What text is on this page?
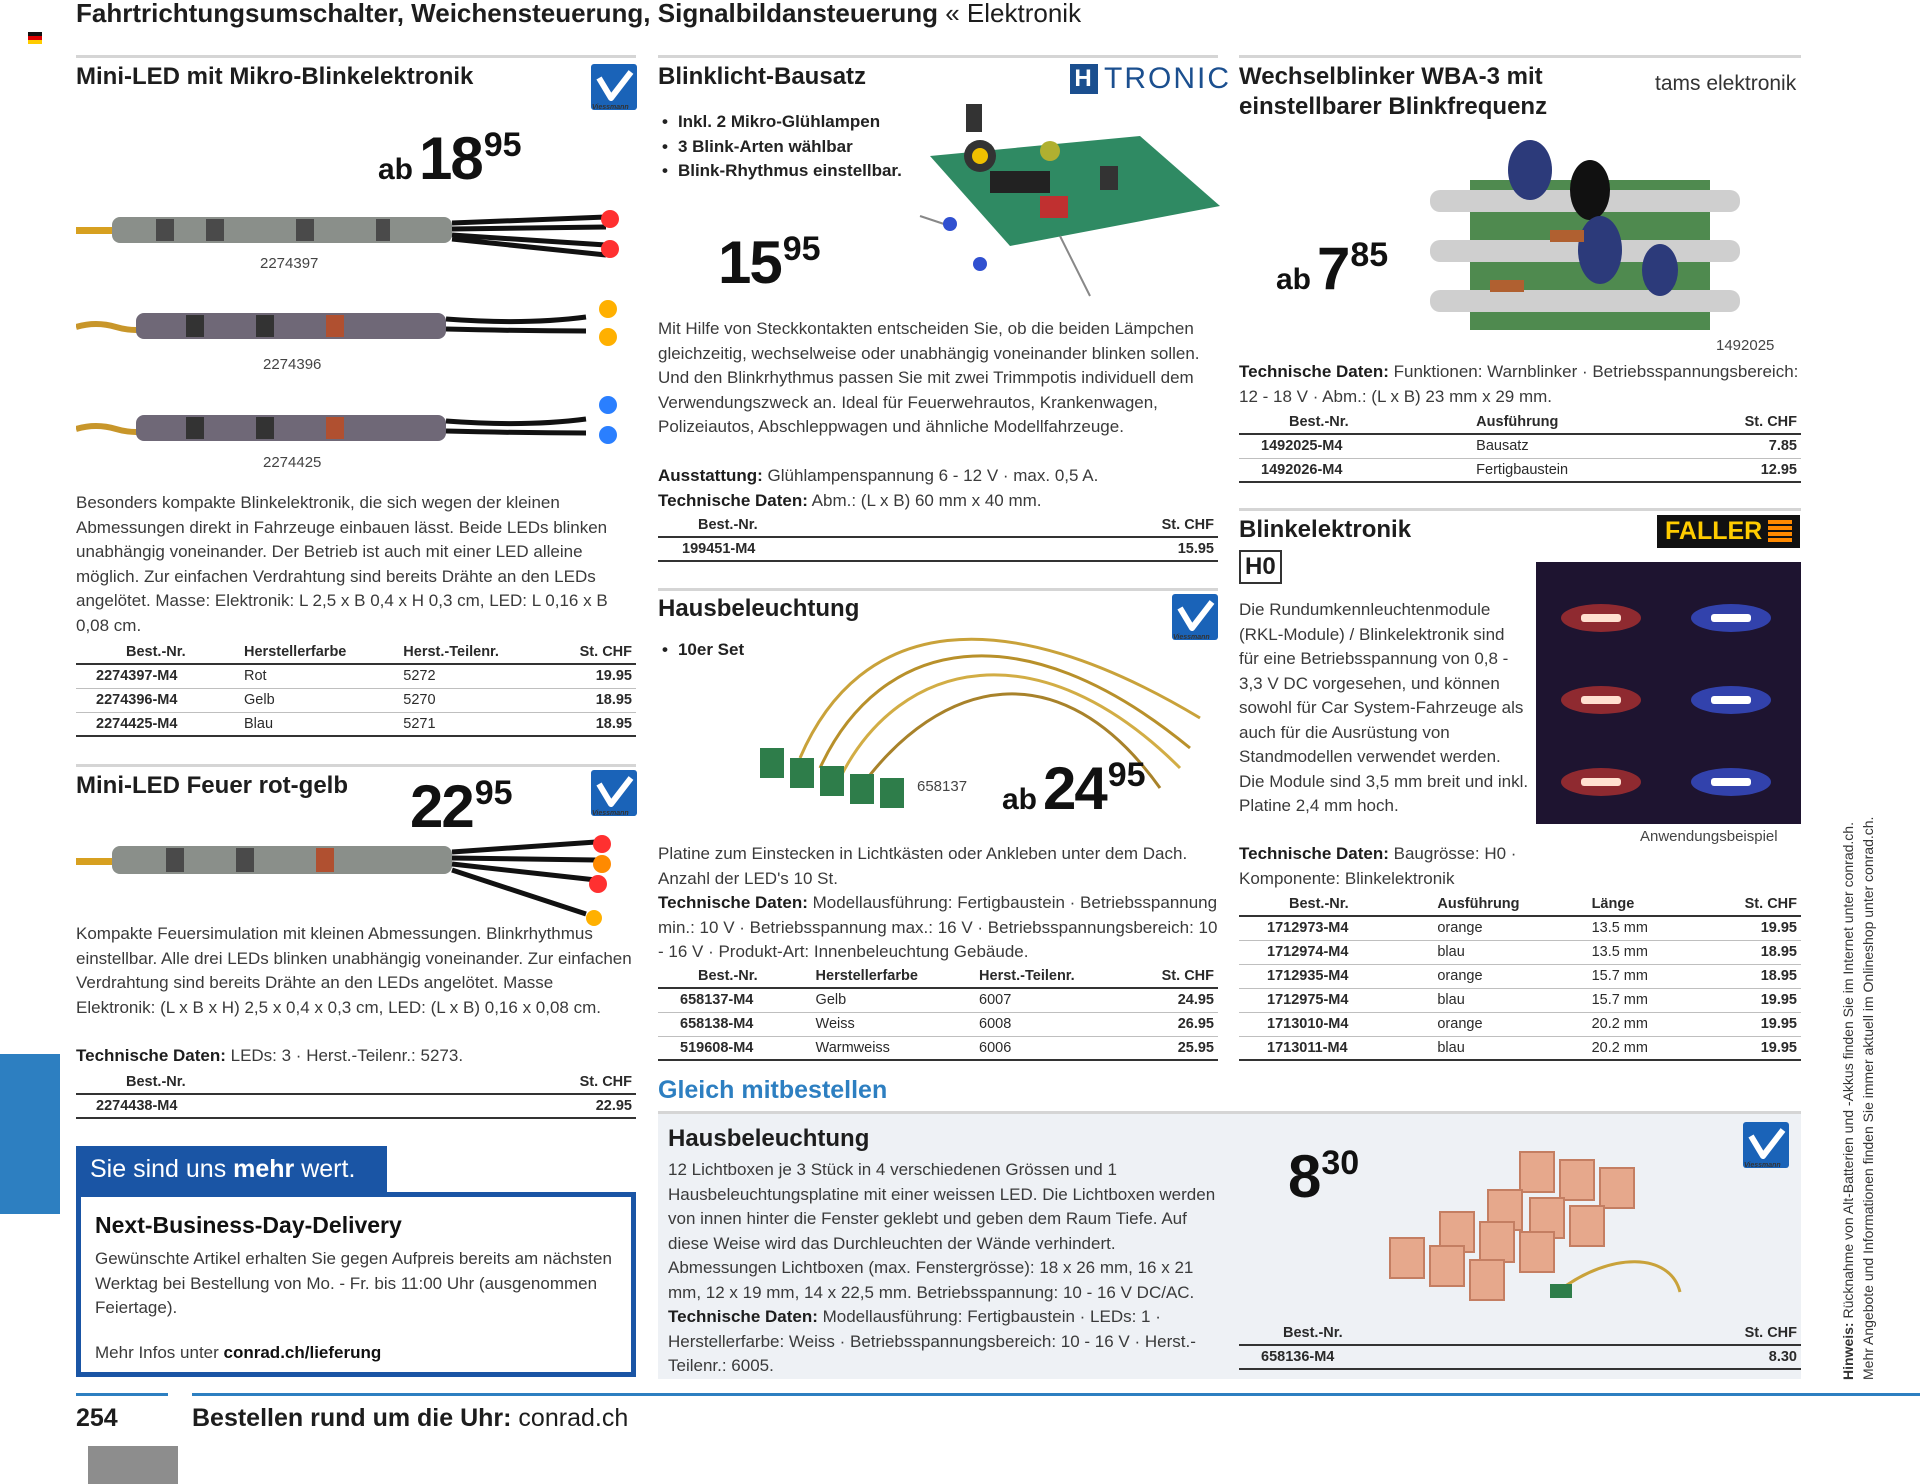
Fahrtrichtungsumschalter, Weichensteuerung, Signalbildansteuerung « Elektronik
Mini-LED mit Mikro-Blinkelektronik
Viessmann
ab 1895
2274397
2274396
2274425
Besonders kompakte Blinkelektronik, die sich wegen der kleinen Abmessungen direkt in Fahrzeuge einbauen lässt. Beide LEDs blinken unabhängig voneinander. Der Betrieb ist auch mit einer LED alleine möglich. Zur einfachen Verdrahtung sind bereits Drähte an den LEDs angelötet. Masse: Elektronik: L 2,5 x B 0,4 x H 0,3 cm, LED: L 0,16 x B 0,08 cm.
Best.-Nr.	Herstellerfarbe	Herst.-Teilenr.	St. CHF
2274397-M4	Rot	5272	19.95
2274396-M4	Gelb	5270	18.95
2274425-M4	Blau	5271	18.95
Mini-LED Feuer rot-gelb 2295
Viessmann
Kompakte Feuersimulation mit kleinen Abmessungen. Blinkrhythmus einstellbar. Alle drei LEDs blinken unabhängig voneinander. Zur einfachen Verdrahtung sind bereits Drähte an den LEDs angelötet. Masse Elektronik: (L x B x H) 2,5 x 0,4 x 0,3 cm, LED: (L x B) 0,16 x 0,08 cm.
Technische Daten: LEDs: 3 · Herst.-Teilenr.: 5273.
Best.-Nr.	St. CHF
2274438-M4	22.95
Sie sind uns mehr wert.
Next-Business-Day-Delivery

Gewünschte Artikel erhalten Sie gegen Aufpreis bereits am nächsten Werktag bei Bestellung von Mo. - Fr. bis 11:00 Uhr (ausgenommen Feiertage).

Mehr Infos unter conrad.ch/lieferung

Blinklicht-Bausatz	H TRONIC
• Inkl. 2 Mikro-Glühlampen
• 3 Blink-Arten wählbar
• Blink-Rhythmus einstellbar.
1595
Mit Hilfe von Steckkontakten entscheiden Sie, ob die beiden Lämpchen gleichzeitig, wechselweise oder unabhängig voneinander blinken sollen. Und den Blinkrhythmus passen Sie mit zwei Trimmpotis individuell dem Verwendungszweck an. Ideal für Feuerwehrautos, Krankenwagen, Polizeiautos, Abschleppwagen und ähnliche Modellfahrzeuge.
Ausstattung: Glühlampenspannung 6 - 12 V · max. 0,5 A.
Technische Daten: Abm.: (L x B) 60 mm x 40 mm.
Best.-Nr.	St. CHF
199451-M4	15.95
Hausbeleuchtung
Viessmann
• 10er Set
658137 ab 2495
Platine zum Einstecken in Lichtkästen oder Ankleben unter dem Dach. Anzahl der LED's 10 St.
Technische Daten: Modellausführung: Fertigbaustein · Betriebsspannung min.: 10 V · Betriebsspannung max.: 16 V · Betriebsspannungsbereich: 10 - 16 V · Produkt-Art: Innenbeleuchtung Gebäude.
Best.-Nr.	Herstellerfarbe	Herst.-Teilenr.	St. CHF
658137-M4	Gelb	6007	24.95
658138-M4	Weiss	6008	26.95
519608-M4	Warmweiss	6006	25.95
Wechselblinker WBA-3 mit einstellbarer Blinkfrequenz
tams elektronik
ab 785
1492025
Technische Daten: Funktionen: Warnblinker · Betriebsspannungsbereich: 12 - 18 V · Abm.: (L x B) 23 mm x 29 mm.
Best.-Nr.	Ausführung	St. CHF
1492025-M4	Bausatz	7.85
1492026-M4	Fertigbaustein	12.95
Blinkelektronik	FALLER
H0
Anwendungsbeispiel
Die Rundumkennleuchtenmodule (RKL-Module) / Blinkelektronik sind für eine Betriebsspannung von 0,8 - 3,3 V DC vorgesehen, und können sowohl für Car System-Fahrzeuge als auch für die Ausrüstung von Standmodellen verwendet werden. Die Module sind 3,5 mm breit und inkl. Platine 2,4 mm hoch.
Technische Daten: Baugrösse: H0 · Komponente: Blinkelektronik
Best.-Nr.	Ausführung	Länge	St. CHF
1712973-M4	orange	13.5 mm	19.95
1712974-M4	blau	13.5 mm	18.95
1712935-M4	orange	15.7 mm	18.95
1712975-M4	blau	15.7 mm	19.95
1713010-M4	orange	20.2 mm	19.95
1713011-M4	blau	20.2 mm	19.95
Gleich mitbestellen
Hausbeleuchtung
12 Lichtboxen je 3 Stück in 4 verschiedenen Grössen und 1 Hausbeleuchtungsplatine mit einer weissen LED. Die Lichtboxen werden von innen hinter die Fenster geklebt und geben dem Raum Tiefe. Auf diese Weise wird das Durchleuchten der Wände verhindert. Abmessungen Lichtboxen (max. Fenstergrösse): 18 x 26 mm, 16 x 21 mm, 12 x 19 mm, 14 x 22,5 mm. Betriebsspannung: 10 - 16 V DC/AC.
Technische Daten: Modellausführung: Fertigbaustein · LEDs: 1 · Herstellerfarbe: Weiss · Betriebsspannungsbereich: 10 - 16 V · Herst.-Teilenr.: 6005.
830	Viessmann
Best.-Nr.	St. CHF
658136-M4	8.30	Hinweis: Rücknahme von Alt-Batterien und -Akkus finden Sie im Internet unter conrad.ch. Mehr Angebote und Informationen finden Sie immer aktuell im Onlineshop unter conrad.ch.
254	Bestellen rund um die Uhr: conrad.ch
